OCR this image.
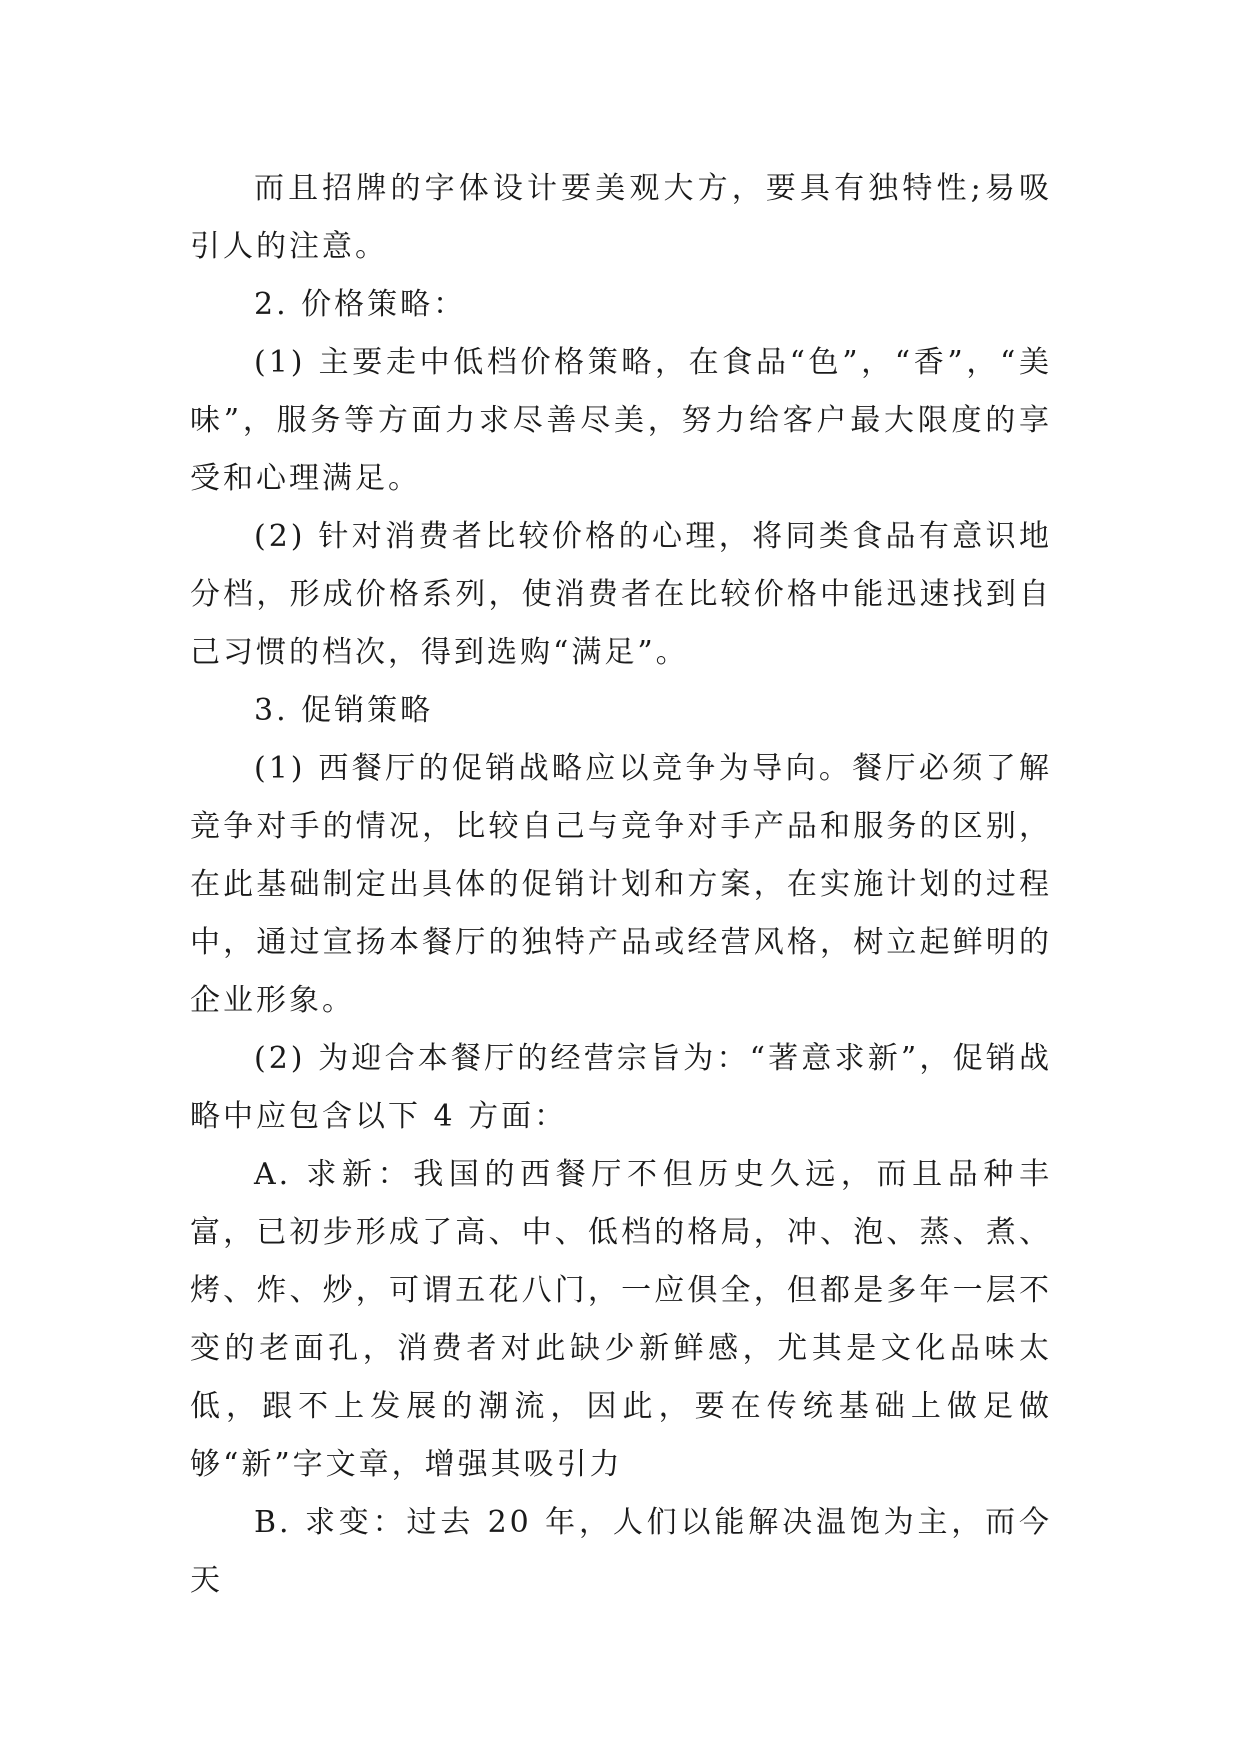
而且招牌的字体设计要美观大方，要具有独特性;易吸引人的注意。

2. 价格策略：

(1) 主要走中低档价格策略，在食品“色”，“香”，“美味”，服务等方面力求尽善尽美，努力给客户最大限度的享受和心理满足。

(2) 针对消费者比较价格的心理，将同类食品有意识地分档，形成价格系列，使消费者在比较价格中能迅速找到自己习惯的档次，得到选购“满足”。

3. 促销策略

(1) 西餐厅的促销战略应以竞争为导向。餐厅必须了解竞争对手的情况，比较自己与竞争对手产品和服务的区别，在此基础制定出具体的促销计划和方案，在实施计划的过程中，通过宣扬本餐厅的独特产品或经营风格，树立起鲜明的企业形象。

(2) 为迎合本餐厅的经营宗旨为：“著意求新”，促销战略中应包含以下 4 方面：

A. 求新：我国的西餐厅不但历史久远，而且品种丰富，已初步形成了高、中、低档的格局，冲、泡、蒸、煮、烤、炸、炒，可谓五花八门，一应俱全，但都是多年一层不变的老面孔，消费者对此缺少新鲜感，尤其是文化品味太低，跟不上发展的潮流，因此，要在传统基础上做足做够“新”字文章，增强其吸引力

B. 求变：过去 20 年，人们以能解决温饱为主，而今天
